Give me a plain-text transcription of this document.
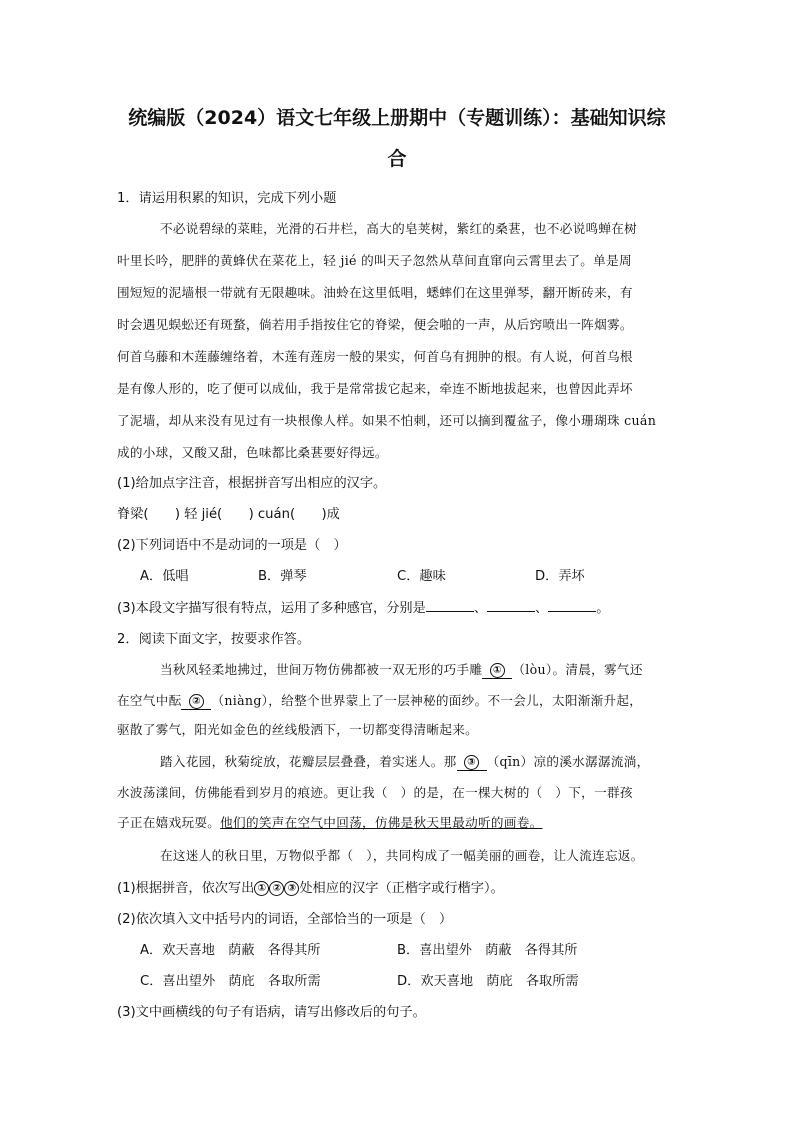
统编版（2024）语文七年级上册期中（专题训练）：基础知识综
合
1．请运用积累的知识，完成下列小题
不必说碧绿的菜畦，光滑的石井栏，高大的皂荚树，紫红的桑葚，也不必说鸣蝉在树
叶里长吟，肥胖的黄蜂伏在菜花上，轻 jié 的叫天子忽然从草间直窜向云霄里去了。单是周
围短短的泥墙根一带就有无限趣味。油蛉在这里低唱，蟋蟀们在这里弹琴，翻开断砖来，有
时会遇见蜈蚣还有斑蝥，倘若用手指按住它的脊梁，便会啪的一声，从后窍喷出一阵烟雾。
何首乌藤和木莲藤缠络着，木莲有莲房一般的果实，何首乌有拥肿的根。有人说，何首乌根
是有像人形的，吃了便可以成仙，我于是常常拔它起来，牵连不断地拔起来，也曾因此弄坏
了泥墙，却从来没有见过有一块根像人样。如果不怕刺，还可以摘到覆盆子，像小珊瑚珠 cuán
成的小球，又酸又甜，色味都比桑葚要好得远。
(1)给加点字注音，根据拼音写出相应的汉字。
脊梁(　　) 轻 jié(　　) cuán(　　)成
(2)下列词语中不是动词的一项是（　）
A．低唱	B．弹琴	C．趣味	D．弄坏
(3)本段文字描写很有特点，运用了多种感官，分别是	、	、	。
2．阅读下面文字，按要求作答。
当秋风轻柔地拂过，世间万物仿佛都被一双无形的巧手雕 ① （lòu）。清晨，雾气还
在空气中酝 ② （niàng），给整个世界蒙上了一层神秘的面纱。不一会儿，太阳渐渐升起，
驱散了雾气，阳光如金色的丝线般洒下，一切都变得清晰起来。
踏入花园，秋菊绽放，花瓣层层叠叠，着实迷人。那 ③ （qīn）凉的溪水潺潺流淌，
水波荡漾间，仿佛能看到岁月的痕迹。更让我（　）的是，在一棵大树的（　）下，一群孩
子正在嬉戏玩耍。他们的笑声在空气中回荡，仿佛是秋天里最动听的画卷。
在这迷人的秋日里，万物似乎都（　），共同构成了一幅美丽的画卷，让人流连忘返。
(1)根据拼音，依次写出 ① ② ③ 处相应的汉字（正楷字或行楷字）。
(2)依次填入文中括号内的词语，全部恰当的一项是（　）
A．欢天喜地　荫蔽　各得其所	B．喜出望外　荫蔽　各得其所
C．喜出望外　荫庇　各取所需	D．欢天喜地　荫庇　各取所需
(3)文中画横线的句子有语病，请写出修改后的句子。
